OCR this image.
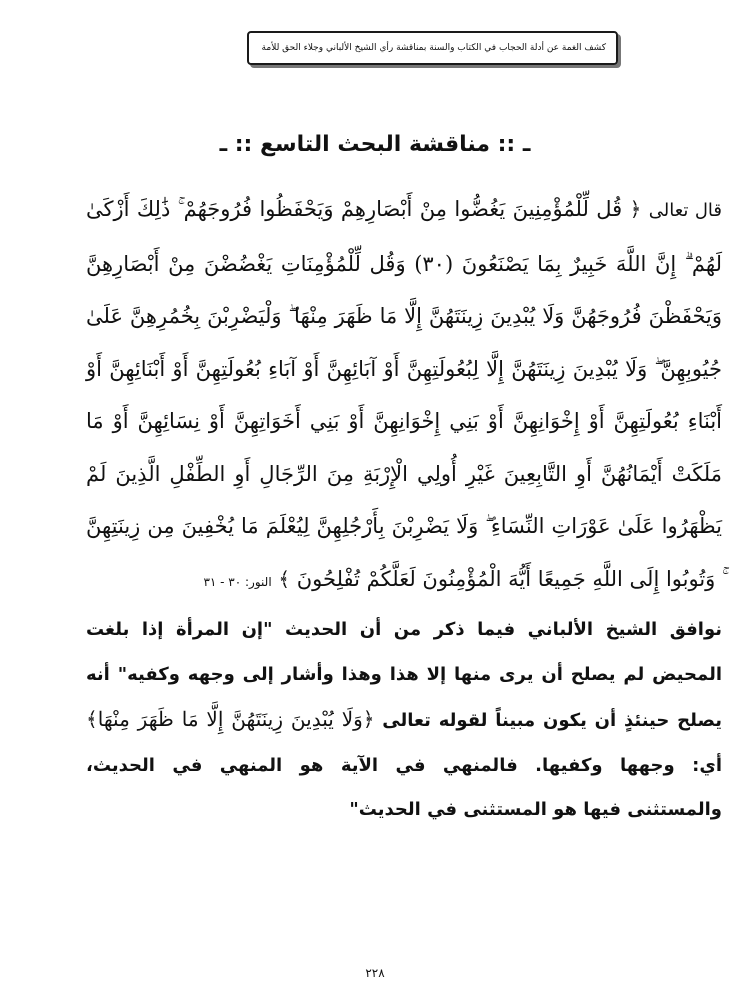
كشف الغمة عن أدلة الحجاب في الكتاب والسنة بمناقشة رأي الشيخ الألباني وجلاء الحق للأمة
ـ :: مناقشة البحث التاسع :: ـ
قال تعالى ﴿ قُل لِّلْمُؤْمِنِينَ يَغُضُّوا مِنْ أَبْصَارِهِمْ وَيَحْفَظُوا فُرُوجَهُمْ ۚ ذَٰلِكَ أَزْكَىٰ لَهُمْ ۗ إِنَّ اللَّهَ خَبِيرٌ بِمَا يَصْنَعُونَ (٣٠) وَقُل لِّلْمُؤْمِنَاتِ يَغْضُضْنَ مِنْ أَبْصَارِهِنَّ وَيَحْفَظْنَ فُرُوجَهُنَّ وَلَا يُبْدِينَ زِينَتَهُنَّ إِلَّا مَا ظَهَرَ مِنْهَا ۖ وَلْيَضْرِبْنَ بِخُمُرِهِنَّ عَلَىٰ جُيُوبِهِنَّ ۖ وَلَا يُبْدِينَ زِينَتَهُنَّ إِلَّا لِبُعُولَتِهِنَّ أَوْ آبَائِهِنَّ أَوْ آبَاءِ بُعُولَتِهِنَّ أَوْ أَبْنَائِهِنَّ أَوْ أَبْنَاءِ بُعُولَتِهِنَّ أَوْ إِخْوَانِهِنَّ أَوْ بَنِي إِخْوَانِهِنَّ أَوْ بَنِي أَخَوَاتِهِنَّ أَوْ نِسَائِهِنَّ أَوْ مَا مَلَكَتْ أَيْمَانُهُنَّ أَوِ التَّابِعِينَ غَيْرِ أُولِي الْإِرْبَةِ مِنَ الرِّجَالِ أَوِ الطِّفْلِ الَّذِينَ لَمْ يَظْهَرُوا عَلَىٰ عَوْرَاتِ النِّسَاءِ ۖ وَلَا يَضْرِبْنَ بِأَرْجُلِهِنَّ لِيُعْلَمَ مَا يُخْفِينَ مِن زِينَتِهِنَّ ۚ وَتُوبُوا إِلَى اللَّهِ جَمِيعًا أَيُّهَ الْمُؤْمِنُونَ لَعَلَّكُمْ تُفْلِحُونَ ﴾ النور: ٣٠ - ٣١
نوافق الشيخ الألباني فيما ذكر من أن الحديث "إن المرأة إذا بلغت المحيض لم يصلح أن يرى منها إلا هذا وهذا وأشار إلى وجهه وكفيه" أنه يصلح حينئذٍ أن يكون مبيناً لقوله تعالى ﴿وَلَا يُبْدِينَ زِينَتَهُنَّ إِلَّا مَا ظَهَرَ مِنْهَا﴾ أي: وجهها وكفيها. فالمنهي في الآية هو المنهي في الحديث، والمستثنى فيها هو المستثنى في الحديث"
٢٢٨
